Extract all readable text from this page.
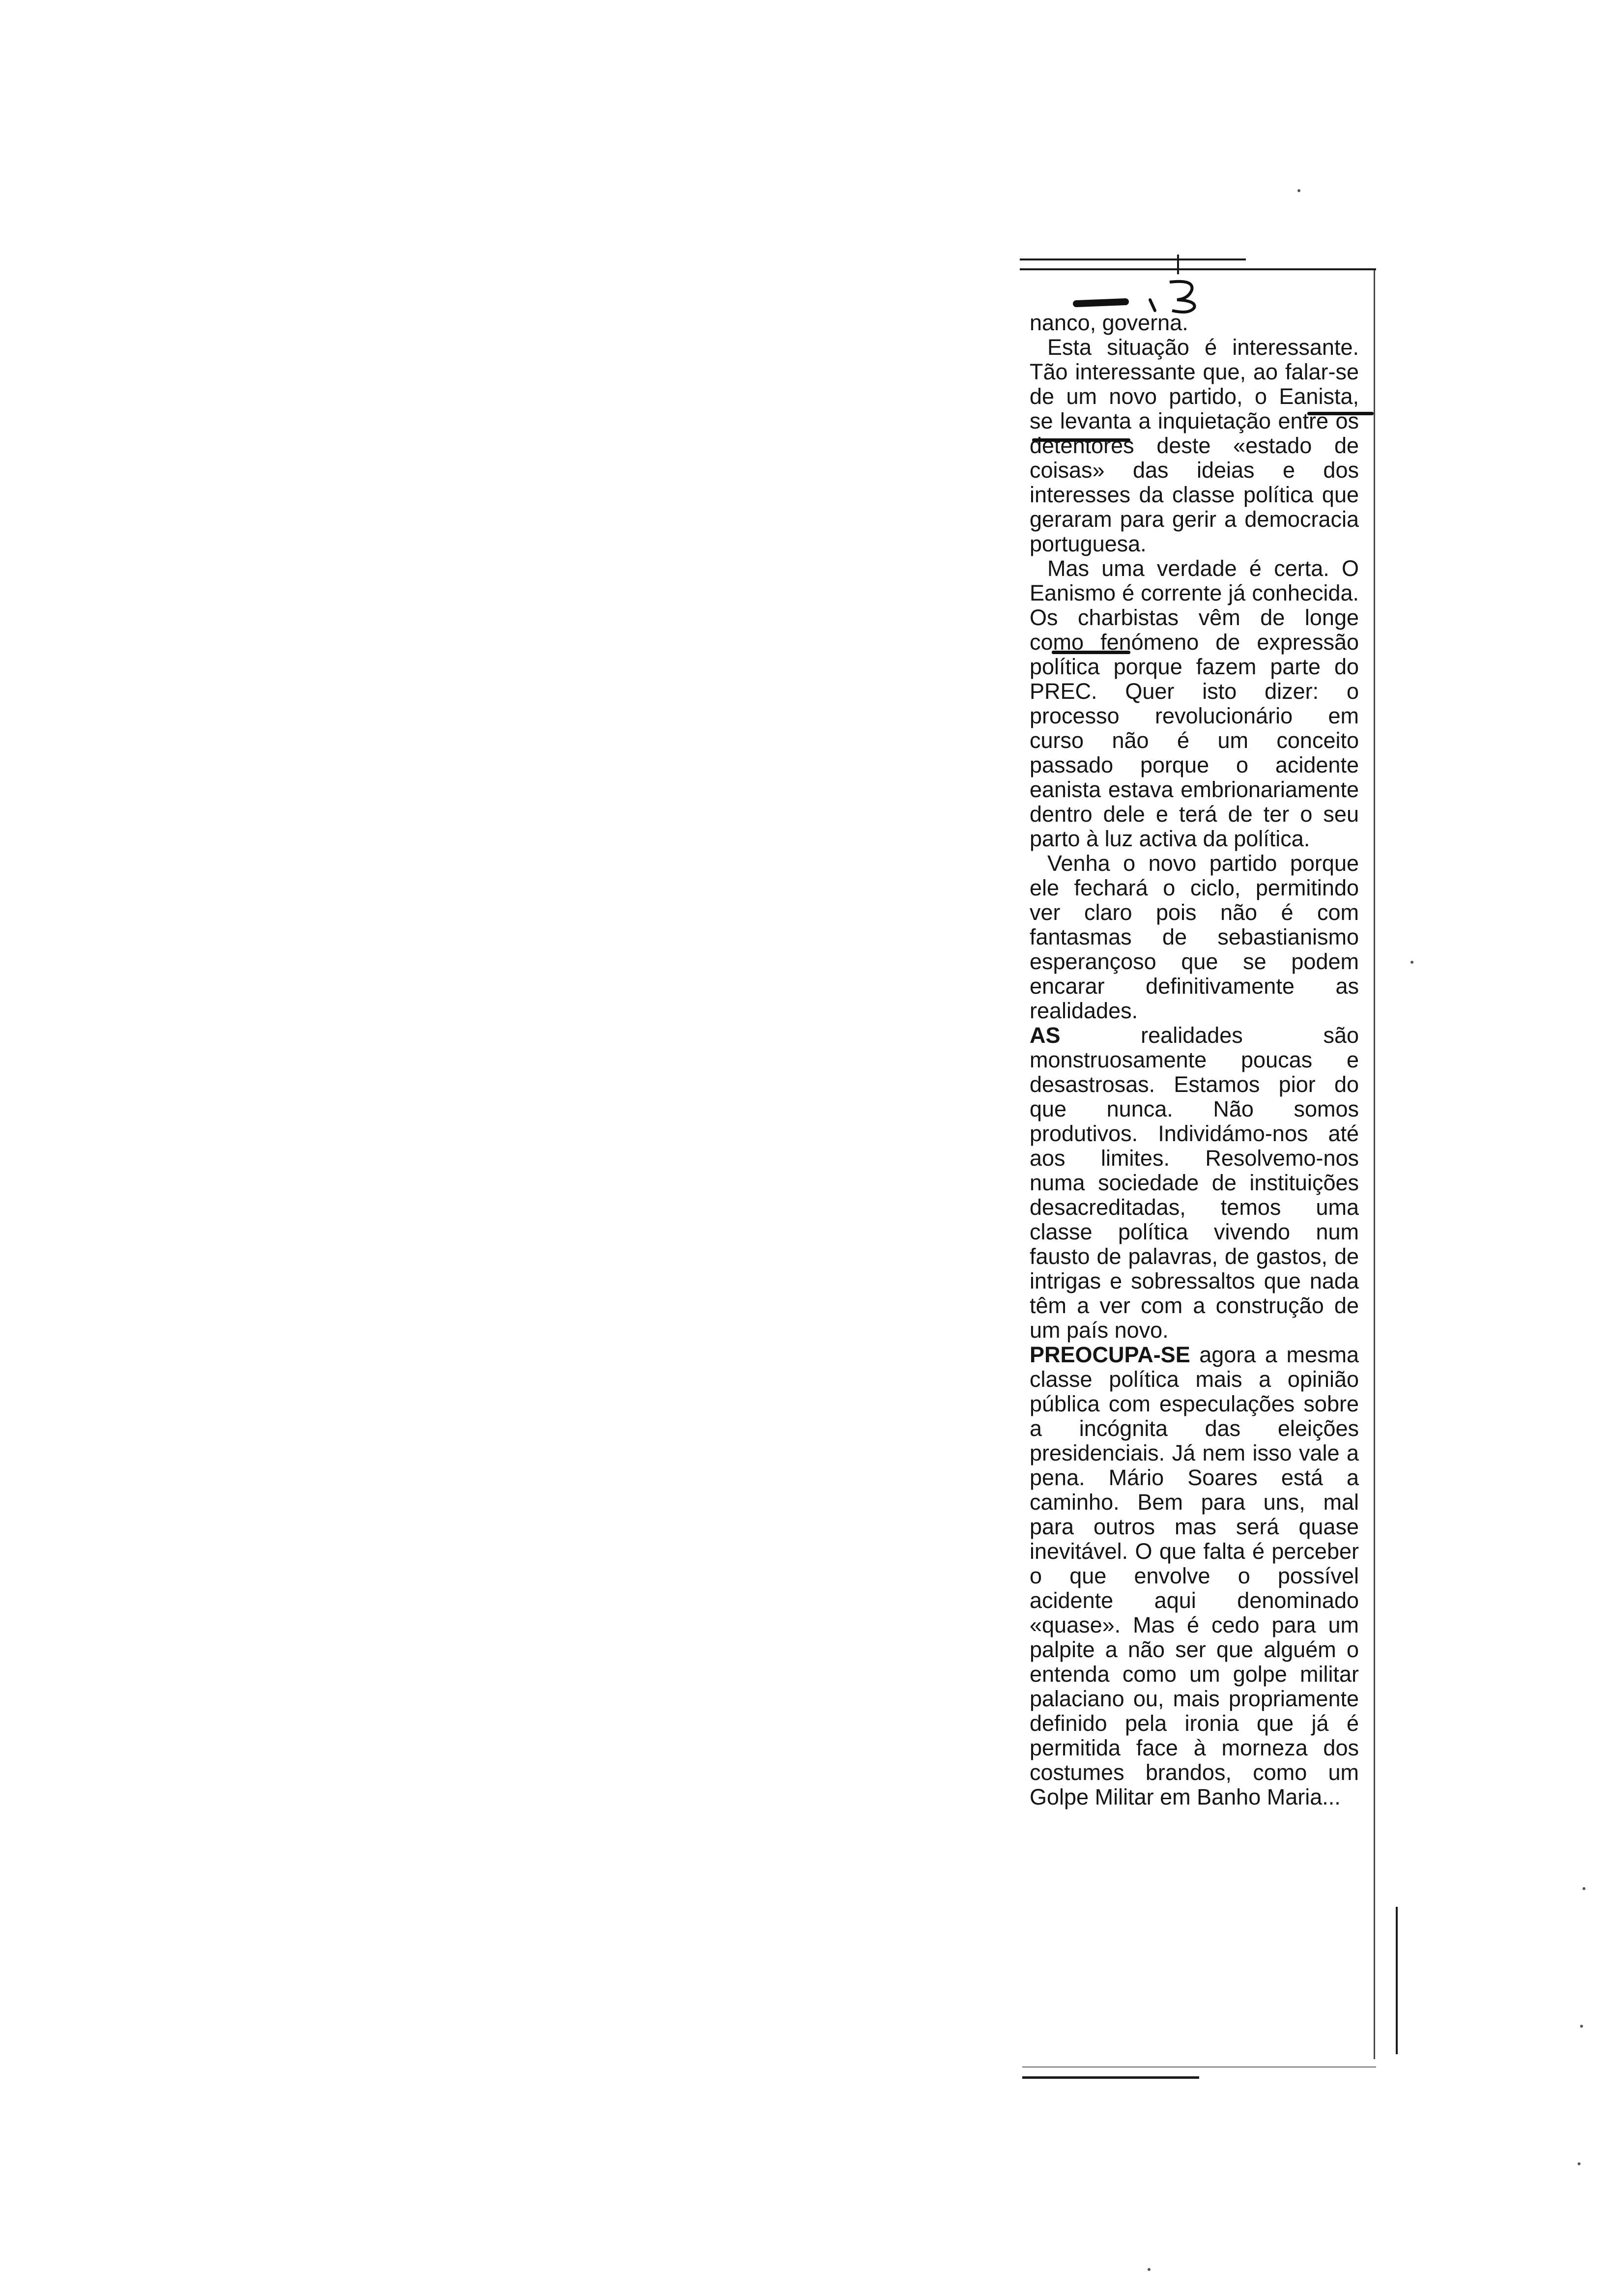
nanco, governa.

Esta situação é interessante. Tão interessante que, ao falar-se de um novo partido, o Eanista, se levanta a inquietação entre os detentores deste «estado de coisas» das ideias e dos interesses da classe política que geraram para gerir a democracia portuguesa.

Mas uma verdade é certa. O Eanismo é corrente já conhecida. Os charbistas vêm de longe como fenómeno de expressão política porque fazem parte do PREC. Quer isto dizer: o processo revolucionário em curso não é um conceito passado porque o acidente eanista estava embrionariamente dentro dele e terá de ter o seu parto à luz activa da política.

Venha o novo partido porque ele fechará o ciclo, permitindo ver claro pois não é com fantasmas de sebastianismo esperançoso que se podem encarar definitivamente as realidades.

AS realidades são monstruosamente poucas e desastrosas. Estamos pior do que nunca. Não somos produtivos. Individámo-nos até aos limites. Resolvemo-nos numa sociedade de instituições desacreditadas, temos uma classe política vivendo num fausto de palavras, de gastos, de intrigas e sobressaltos que nada têm a ver com a construção de um país novo.

PREOCUPA-SE agora a mesma classe política mais a opinião pública com especulações sobre a incógnita das eleições presidenciais. Já nem isso vale a pena. Mário Soares está a caminho. Bem para uns, mal para outros mas será quase inevitável. O que falta é perceber o que envolve o possível acidente aqui denominado «quase». Mas é cedo para um palpite a não ser que alguém o entenda como um golpe militar palaciano ou, mais propriamente definido pela ironia que já é permitida face à morneza dos costumes brandos, como um Golpe Militar em Banho Maria...
